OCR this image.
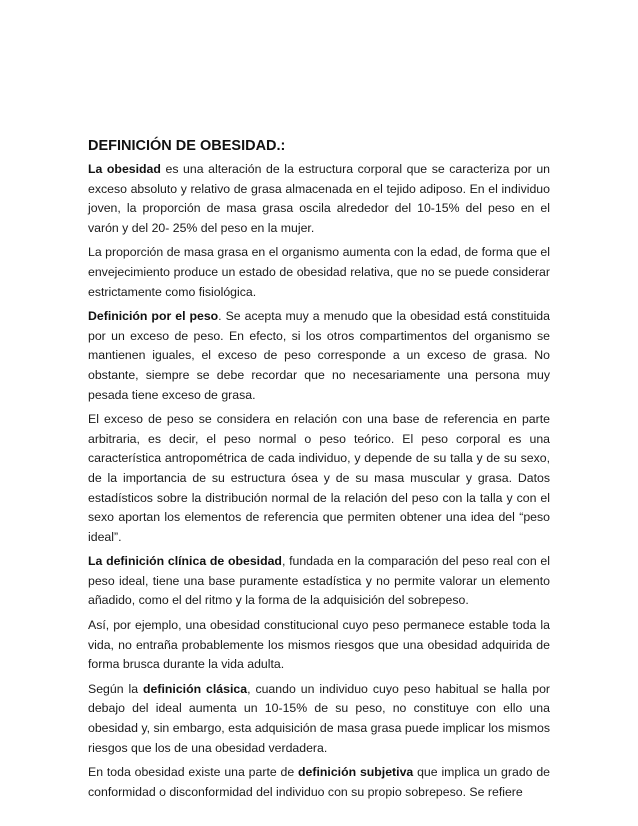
DEFINICIÓN DE OBESIDAD.:

La obesidad es una alteración de la estructura corporal que se caracteriza por un exceso absoluto y relativo de grasa almacenada en el tejido adiposo. En el individuo joven, la proporción de masa grasa oscila alrededor del 10-15% del peso en el varón y del 20- 25% del peso en la mujer.

La proporción de masa grasa en el organismo aumenta con la edad, de forma que el envejecimiento produce un estado de obesidad relativa, que no se puede considerar estrictamente como fisiológica.

Definición por el peso. Se acepta muy a menudo que la obesidad está constituida por un exceso de peso. En efecto, si los otros compartimentos del organismo se mantienen iguales, el exceso de peso corresponde a un exceso de grasa. No obstante, siempre se debe recordar que no necesariamente una persona muy pesada tiene exceso de grasa.

El exceso de peso se considera en relación con una base de referencia en parte arbitraria, es decir, el peso normal o peso teórico. El peso corporal es una característica antropométrica de cada individuo, y depende de su talla y de su sexo, de la importancia de su estructura ósea y de su masa muscular y grasa. Datos estadísticos sobre la distribución normal de la relación del peso con la talla y con el sexo aportan los elementos de referencia que permiten obtener una idea del “peso ideal”.

La definición clínica de obesidad, fundada en la comparación del peso real con el peso ideal, tiene una base puramente estadística y no permite valorar un elemento añadido, como el del ritmo y la forma de la adquisición del sobrepeso.

Así, por ejemplo, una obesidad constitucional cuyo peso permanece estable toda la vida, no entraña probablemente los mismos riesgos que una obesidad adquirida de forma brusca durante la vida adulta.

Según la definición clásica, cuando un individuo cuyo peso habitual se halla por debajo del ideal aumenta un 10-15% de su peso, no constituye con ello una obesidad y, sin embargo, esta adquisición de masa grasa puede implicar los mismos riesgos que los de una obesidad verdadera.

En toda obesidad existe una parte de definición subjetiva que implica un grado de conformidad o disconformidad del individuo con su propio sobrepeso. Se refiere
